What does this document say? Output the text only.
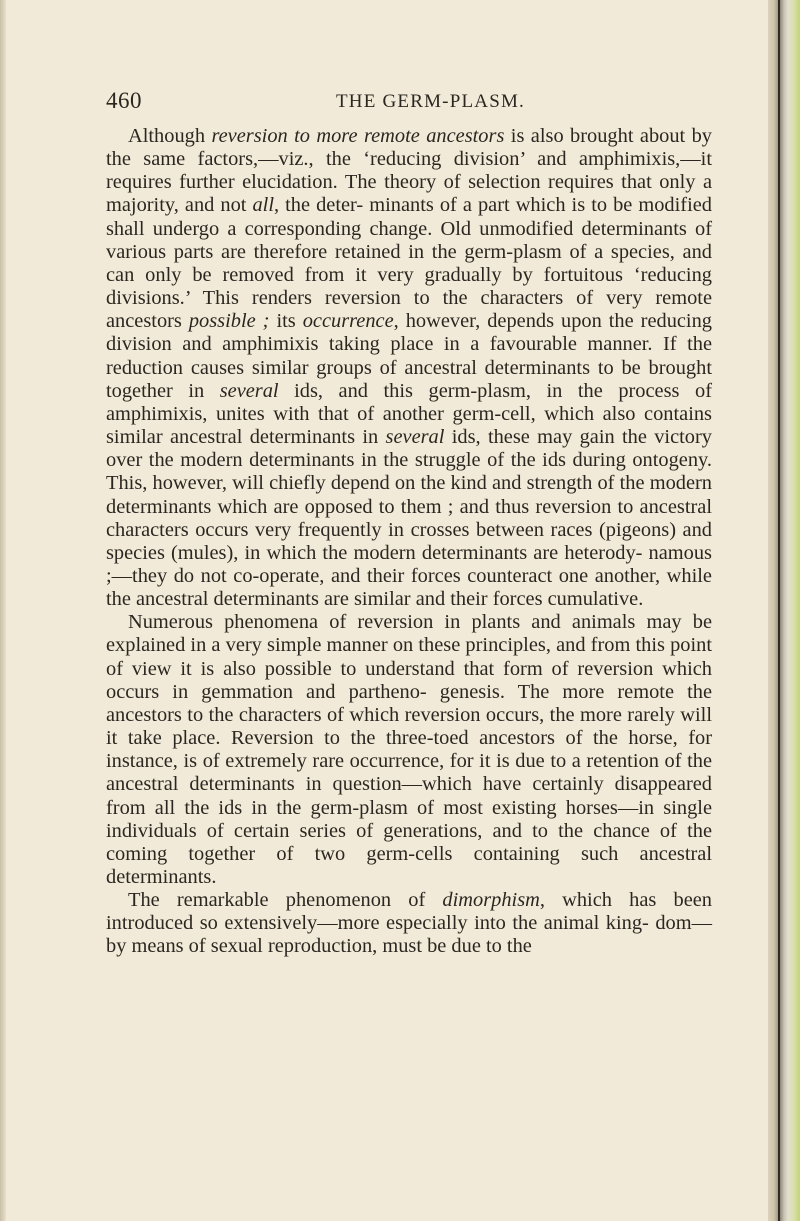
460	THE GERM-PLASM.

Although reversion to more remote ancestors is also brought about by the same factors,—viz., the ‘reducing division’ and amphimixis,—it requires further elucidation. The theory of selection requires that only a majority, and not all, the deter- minants of a part which is to be modified shall undergo a corresponding change. Old unmodified determinants of various parts are therefore retained in the germ-plasm of a species, and can only be removed from it very gradually by fortuitous ‘reducing divisions.’ This renders reversion to the characters of very remote ancestors possible ; its occurrence, however, depends upon the reducing division and amphimixis taking place in a favourable manner. If the reduction causes similar groups of ancestral determinants to be brought together in several ids, and this germ-plasm, in the process of amphimixis, unites with that of another germ-cell, which also contains similar ancestral determinants in several ids, these may gain the victory over the modern determinants in the struggle of the ids during ontogeny. This, however, will chiefly depend on the kind and strength of the modern determinants which are opposed to them ; and thus reversion to ancestral characters occurs very frequently in crosses between races (pigeons) and species (mules), in which the modern determinants are heterody- namous ;—they do not co-operate, and their forces counteract one another, while the ancestral determinants are similar and their forces cumulative.

Numerous phenomena of reversion in plants and animals may be explained in a very simple manner on these principles, and from this point of view it is also possible to understand that form of reversion which occurs in gemmation and partheno- genesis. The more remote the ancestors to the characters of which reversion occurs, the more rarely will it take place. Reversion to the three-toed ancestors of the horse, for instance, is of extremely rare occurrence, for it is due to a retention of the ancestral determinants in question—which have certainly disappeared from all the ids in the germ-plasm of most existing horses—in single individuals of certain series of generations, and to the chance of the coming together of two germ-cells containing such ancestral determinants.

The remarkable phenomenon of dimorphism, which has been introduced so extensively—more especially into the animal king- dom—by means of sexual reproduction, must be due to the
